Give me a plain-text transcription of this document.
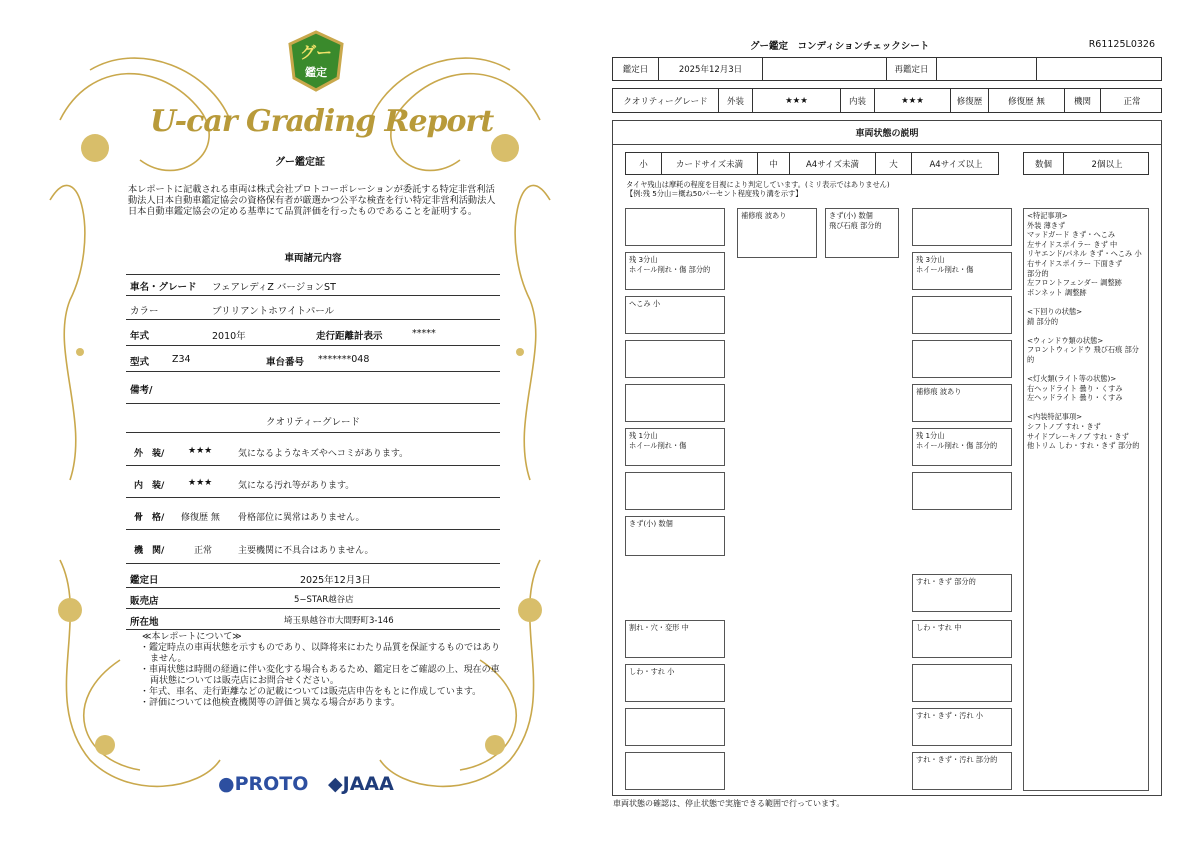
グー
鑑定
U-car Grading Report
グー鑑定証
本レポートに記載される車両は株式会社プロトコーポレーションが委託する特定非営利活動法人日本自動車鑑定協会の資格保有者が厳選かつ公平な検査を行い特定非営利活動法人日本自動車鑑定協会の定める基準にて品質評価を行ったものであることを証明する。
車両諸元内容
車名・グレード フェアレディZ バージョンST
カラー	ブリリアントホワイトパール
年式	2010年	走行距離計表示	*****
型式 Z34	車台番号 *******048
備考/
クオリティーグレード
外　装/	★★★	気になるようなキズやヘコミがあります。
内　装/	★★★	気になる汚れ等があります。
骨　格/ 修復歴 無 骨格部位に異常はありません。
機　関/	正常	主要機関に不具合はありません。
鑑定日	2025年12月3日
販売店	5−STAR越谷店
所在地	埼玉県越谷市大間野町3-146
≪本レポートについて≫
・鑑定時点の車両状態を示すものであり、以降将来にわたり品質を保証するものではありません。
・車両状態は時間の経過に伴い変化する場合もあるため、鑑定日をご確認の上、現在の車両状態については販売店にお問合せください。
・年式、車名、走行距離などの記載については販売店申告をもとに作成しています。
・評価については他検査機関等の評価と異なる場合があります。
●PROTO ◆JAAA
グー鑑定　コンディションチェックシート	R61125L0326
鑑定日	2025年12月3日	再鑑定日
クオリティーグレード	外装	★★★	内装	★★★	修復歴	修復歴 無	機関	正常
車両状態の説明
小	カードサイズ未満	中	A4サイズ未満	大	A4サイズ以上	数個	2個以上
タイヤ残山は摩耗の程度を目視により判定しています。(ミリ表示ではありません)
【例:残 5分山＝概ね50パーセント程度残り溝を示す】
補修痕 波あり	きず(小) 数個
飛び石痕 部分的
残 3分山
ホイール削れ・傷 部分的
残 3分山
ホイール削れ・傷
へこみ 小
補修痕 波あり
残 1分山
ホイール削れ・傷
残 1分山
ホイール削れ・傷 部分的
きず(小) 数個
すれ・きず 部分的
割れ・穴・変形 中	しわ・すれ 中
しわ・すれ 小
すれ・きず・汚れ 小
すれ・きず・汚れ 部分的
<特記事項>
外装 薄きず
マッドガード きず・へこみ
左サイドスポイラー きず 中
リヤエンド/パネル きず・へこみ 小
右サイドスポイラー 下面きず
部分的
左フロントフェンダー 調整跡
ボンネット 調整跡
<下回りの状態>
錆 部分的
<ウィンドウ類の状態>
フロントウィンドウ 飛び石痕 部分的
<灯火類(ライト等の状態)>
右ヘッドライト 曇り・くすみ
左ヘッドライト 曇り・くすみ
<内装特記事項>
シフトノブ すれ・きず
サイドブレーキノブ すれ・きず
他トリム しわ・すれ・きず 部分的
車両状態の確認は、停止状態で実施できる範囲で行っています。
